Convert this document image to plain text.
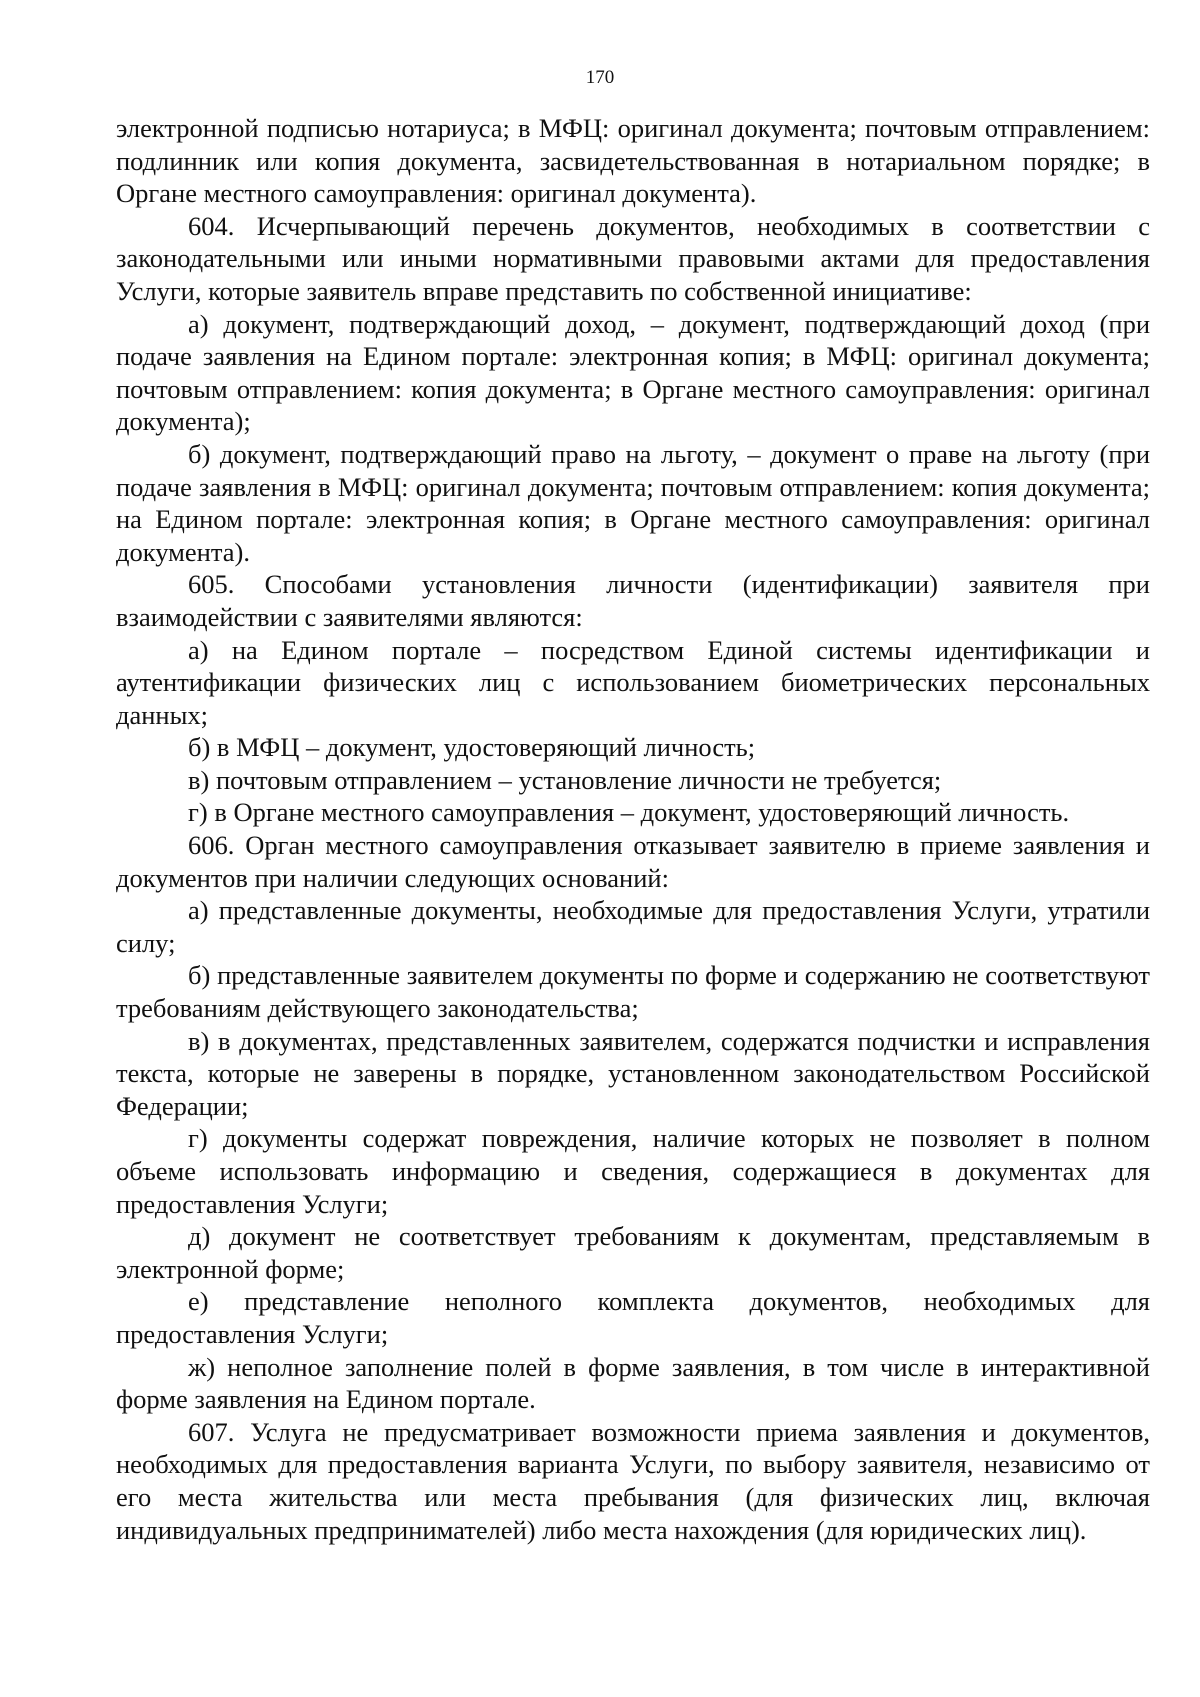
170

электронной подписью нотариуса; в МФЦ: оригинал документа; почтовым отправлением: подлинник или копия документа, засвидетельствованная в нотариальном порядке; в Органе местного самоуправления: оригинал документа).

604. Исчерпывающий перечень документов, необходимых в соответствии с законодательными или иными нормативными правовыми актами для предоставления Услуги, которые заявитель вправе представить по собственной инициативе:

а) документ, подтверждающий доход, – документ, подтверждающий доход (при подаче заявления на Едином портале: электронная копия; в МФЦ: оригинал документа; почтовым отправлением: копия документа; в Органе местного самоуправления: оригинал документа);

б) документ, подтверждающий право на льготу, – документ о праве на льготу (при подаче заявления в МФЦ: оригинал документа; почтовым отправлением: копия документа; на Едином портале: электронная копия; в Органе местного самоуправления: оригинал документа).

605. Способами установления личности (идентификации) заявителя при взаимодействии с заявителями являются:

а) на Едином портале – посредством Единой системы идентификации и аутентификации физических лиц с использованием биометрических персональных данных;

б) в МФЦ – документ, удостоверяющий личность;

в) почтовым отправлением – установление личности не требуется;

г) в Органе местного самоуправления – документ, удостоверяющий личность.

606. Орган местного самоуправления отказывает заявителю в приеме заявления и документов при наличии следующих оснований:

а) представленные документы, необходимые для предоставления Услуги, утратили силу;

б) представленные заявителем документы по форме и содержанию не соответствуют требованиям действующего законодательства;

в) в документах, представленных заявителем, содержатся подчистки и исправления текста, которые не заверены в порядке, установленном законодательством Российской Федерации;

г) документы содержат повреждения, наличие которых не позволяет в полном объеме использовать информацию и сведения, содержащиеся в документах для предоставления Услуги;

д) документ не соответствует требованиям к документам, представляемым в электронной форме;

е) представление неполного комплекта документов, необходимых для предоставления Услуги;

ж) неполное заполнение полей в форме заявления, в том числе в интерактивной форме заявления на Едином портале.

607. Услуга не предусматривает возможности приема заявления и документов, необходимых для предоставления варианта Услуги, по выбору заявителя, независимо от его места жительства или места пребывания (для физических лиц, включая индивидуальных предпринимателей) либо места нахождения (для юридических лиц).
